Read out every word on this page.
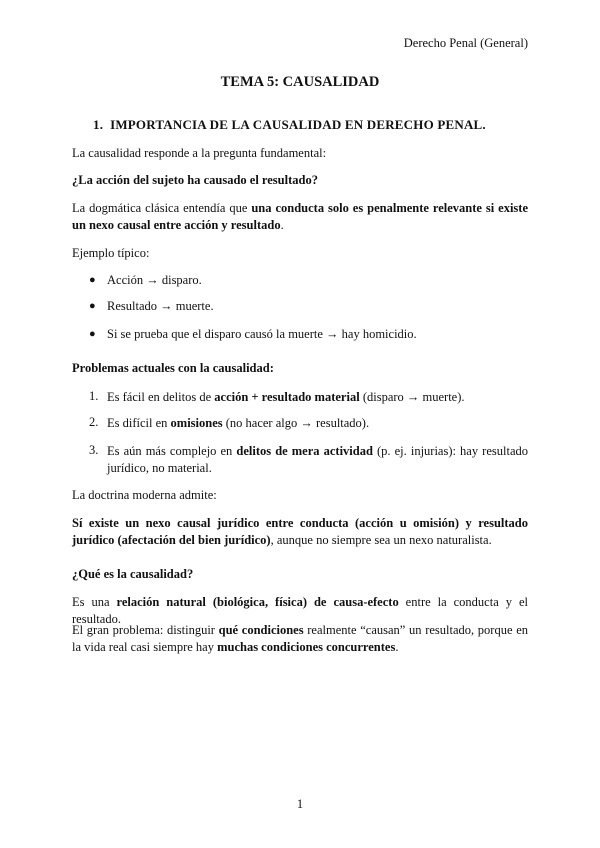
Derecho Penal (General)
TEMA 5: CAUSALIDAD
1. IMPORTANCIA DE LA CAUSALIDAD EN DERECHO PENAL.
La causalidad responde a la pregunta fundamental:
¿La acción del sujeto ha causado el resultado?
La dogmática clásica entendía que una conducta solo es penalmente relevante si existe un nexo causal entre acción y resultado.
Ejemplo típico:
● Acción → disparo.
● Resultado → muerte.
● Si se prueba que el disparo causó la muerte → hay homicidio.
Problemas actuales con la causalidad:
1. Es fácil en delitos de acción + resultado material (disparo → muerte).
2. Es difícil en omisiones (no hacer algo → resultado).
3. Es aún más complejo en delitos de mera actividad (p. ej. injurias): hay resultado jurídico, no material.
La doctrina moderna admite:
Sí existe un nexo causal jurídico entre conducta (acción u omisión) y resultado jurídico (afectación del bien jurídico), aunque no siempre sea un nexo naturalista.
¿Qué es la causalidad?
Es una relación natural (biológica, física) de causa-efecto entre la conducta y el resultado.
El gran problema: distinguir qué condiciones realmente “causan” un resultado, porque en la vida real casi siempre hay muchas condiciones concurrentes.
1
